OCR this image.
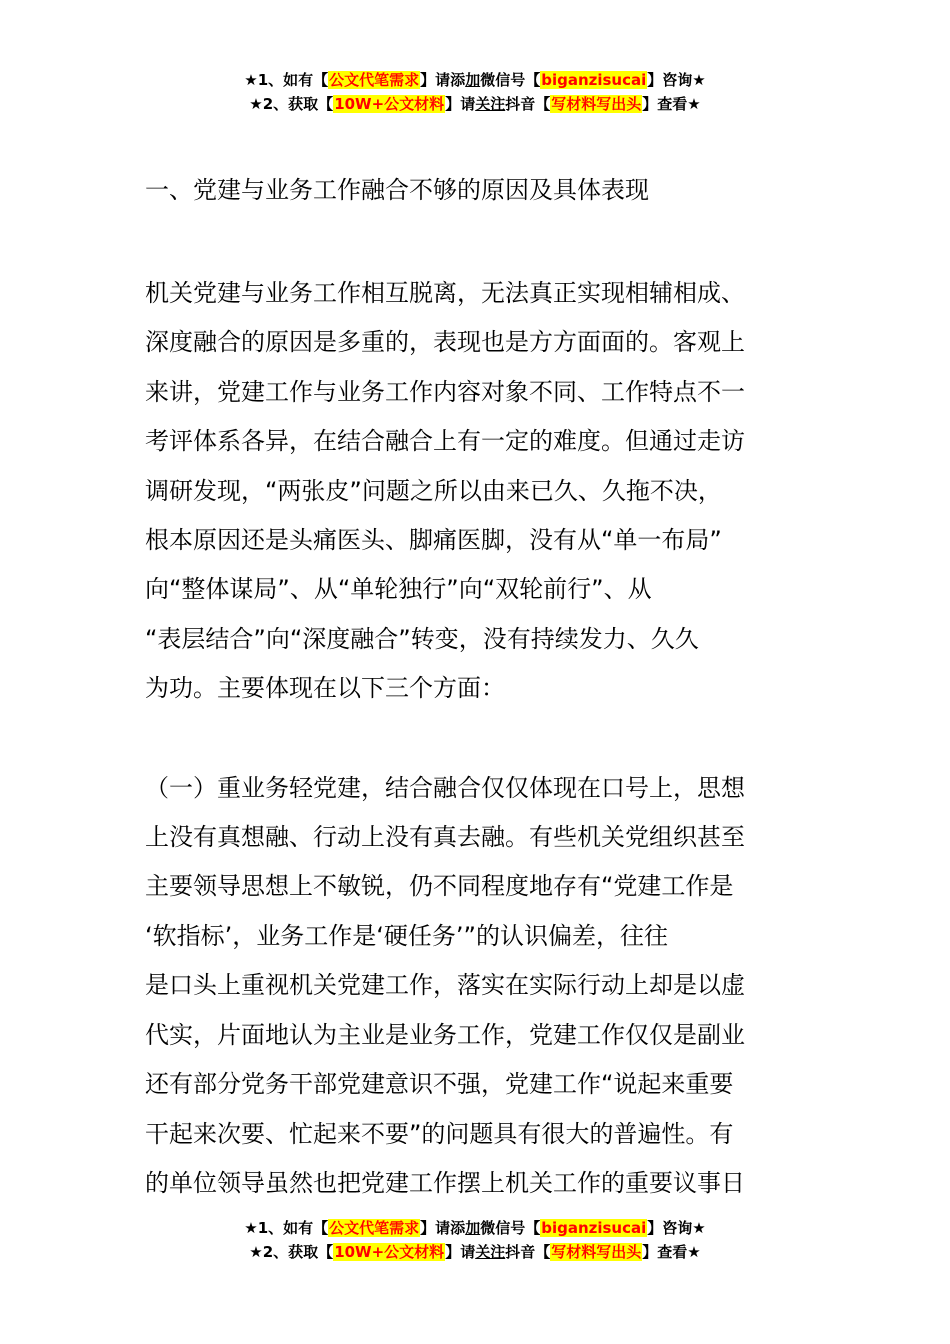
★1、如有【公文代笔需求】请添加微信号【biganzisucai】咨询★
★2、获取【10W+公文材料】请关注抖音【写材料写出头】查看★
一、党建与业务工作融合不够的原因及具体表现
机关党建与业务工作相互脱离，无法真正实现相辅相成、
深度融合的原因是多重的，表现也是方方面面的。客观上
来讲，党建工作与业务工作内容对象不同、工作特点不一
考评体系各异，在结合融合上有一定的难度。但通过走访
调研发现，“两张皮”问题之所以由来已久、久拖不决，
根本原因还是头痛医头、脚痛医脚，没有从“单一布局”
向“整体谋局”、从“单轮独行”向“双轮前行”、从
“表层结合”向“深度融合”转变，没有持续发力、久久
为功。主要体现在以下三个方面：
（一）重业务轻党建，结合融合仅仅体现在口号上，思想
上没有真想融、行动上没有真去融。有些机关党组织甚至
主要领导思想上不敏锐，仍不同程度地存有“党建工作是
‘软指标’，业务工作是‘硬任务’”的认识偏差，往往
是口头上重视机关党建工作，落实在实际行动上却是以虚
代实，片面地认为主业是业务工作，党建工作仅仅是副业
还有部分党务干部党建意识不强，党建工作“说起来重要
干起来次要、忙起来不要”的问题具有很大的普遍性。有
的单位领导虽然也把党建工作摆上机关工作的重要议事日
★1、如有【公文代笔需求】请添加微信号【biganzisucai】咨询★
★2、获取【10W+公文材料】请关注抖音【写材料写出头】查看★
